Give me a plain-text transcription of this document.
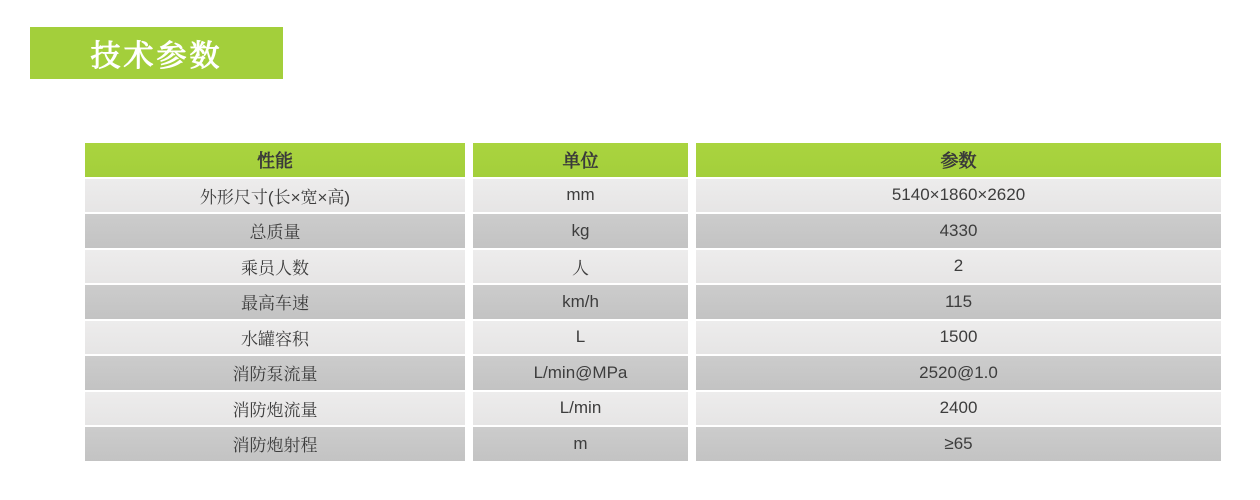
技术参数
性能	单位	参数
外形尺寸(长×宽×高)	mm	5140×1860×2620
总质量	kg	4330
乘员人数	人	2
最高车速	km/h	115
水罐容积	L	1500
消防泵流量	L/min@MPa	2520@1.0
消防炮流量	L/min	2400
消防炮射程	m	≥65
